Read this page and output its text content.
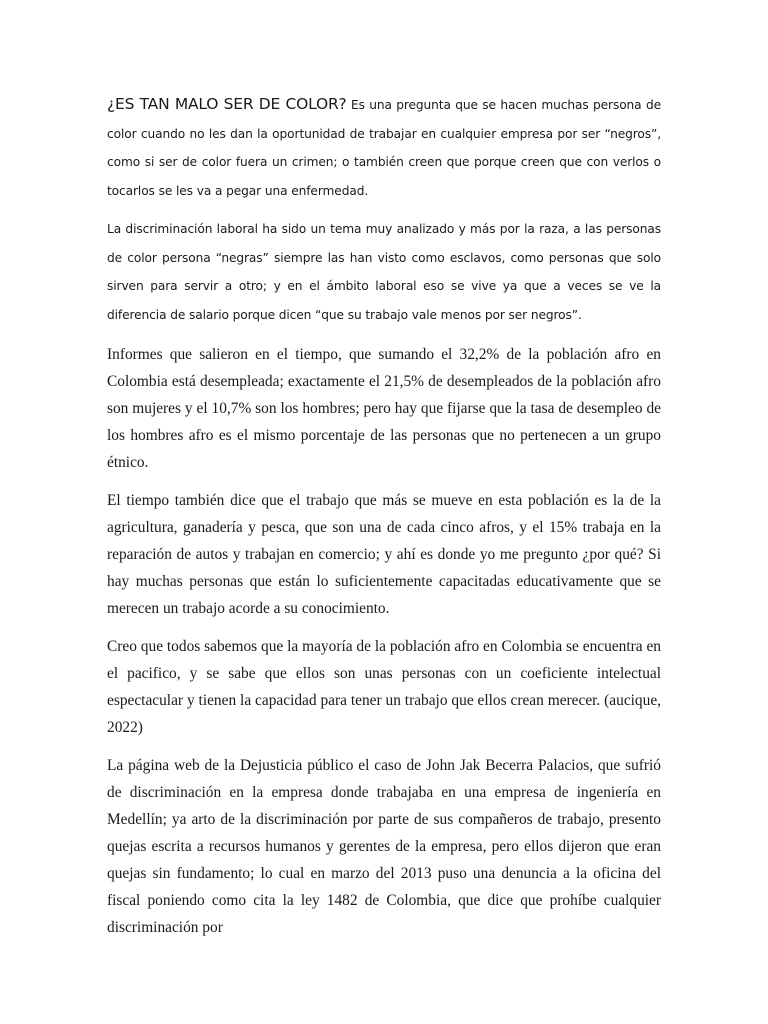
¿ES TAN MALO SER DE COLOR? Es una pregunta que se hacen muchas persona de color cuando no les dan la oportunidad de trabajar en cualquier empresa por ser “negros”, como si ser de color fuera un crimen; o también creen que porque creen que con verlos o tocarlos se les va a pegar una enfermedad.

La discriminación laboral ha sido un tema muy analizado y más por la raza, a las personas de color persona “negras” siempre las han visto como esclavos, como personas que solo sirven para servir a otro; y en el ámbito laboral eso se vive ya que a veces se ve la diferencia de salario porque dicen “que su trabajo vale menos por ser negros”.

Informes que salieron en el tiempo, que sumando el 32,2% de la población afro en Colombia está desempleada; exactamente el 21,5% de desempleados de la población afro son mujeres y el 10,7% son los hombres; pero hay que fijarse que la tasa de desempleo de los hombres afro es el mismo porcentaje de las personas que no pertenecen a un grupo étnico.

El tiempo también dice que el trabajo que más se mueve en esta población es la de la agricultura, ganadería y pesca, que son una de cada cinco afros, y el 15% trabaja en la reparación de autos y trabajan en comercio; y ahí es donde yo me pregunto ¿por qué? Si hay muchas personas que están lo suficientemente capacitadas educativamente que se merecen un trabajo acorde a su conocimiento.

Creo que todos sabemos que la mayoría de la población afro en Colombia se encuentra en el pacifico, y se sabe que ellos son unas personas con un coeficiente intelectual espectacular y tienen la capacidad para tener un trabajo que ellos crean merecer. (aucique, 2022)

La página web de la Dejusticia público el caso de John Jak Becerra Palacios, que sufrió de discriminación en la empresa donde trabajaba en una empresa de ingeniería en Medellín; ya arto de la discriminación por parte de sus compañeros de trabajo, presento quejas escrita a recursos humanos y gerentes de la empresa, pero ellos dijeron que eran quejas sin fundamento; lo cual en marzo del 2013 puso una denuncia a la oficina del fiscal poniendo como cita la ley 1482 de Colombia, que dice que prohíbe cualquier discriminación por
